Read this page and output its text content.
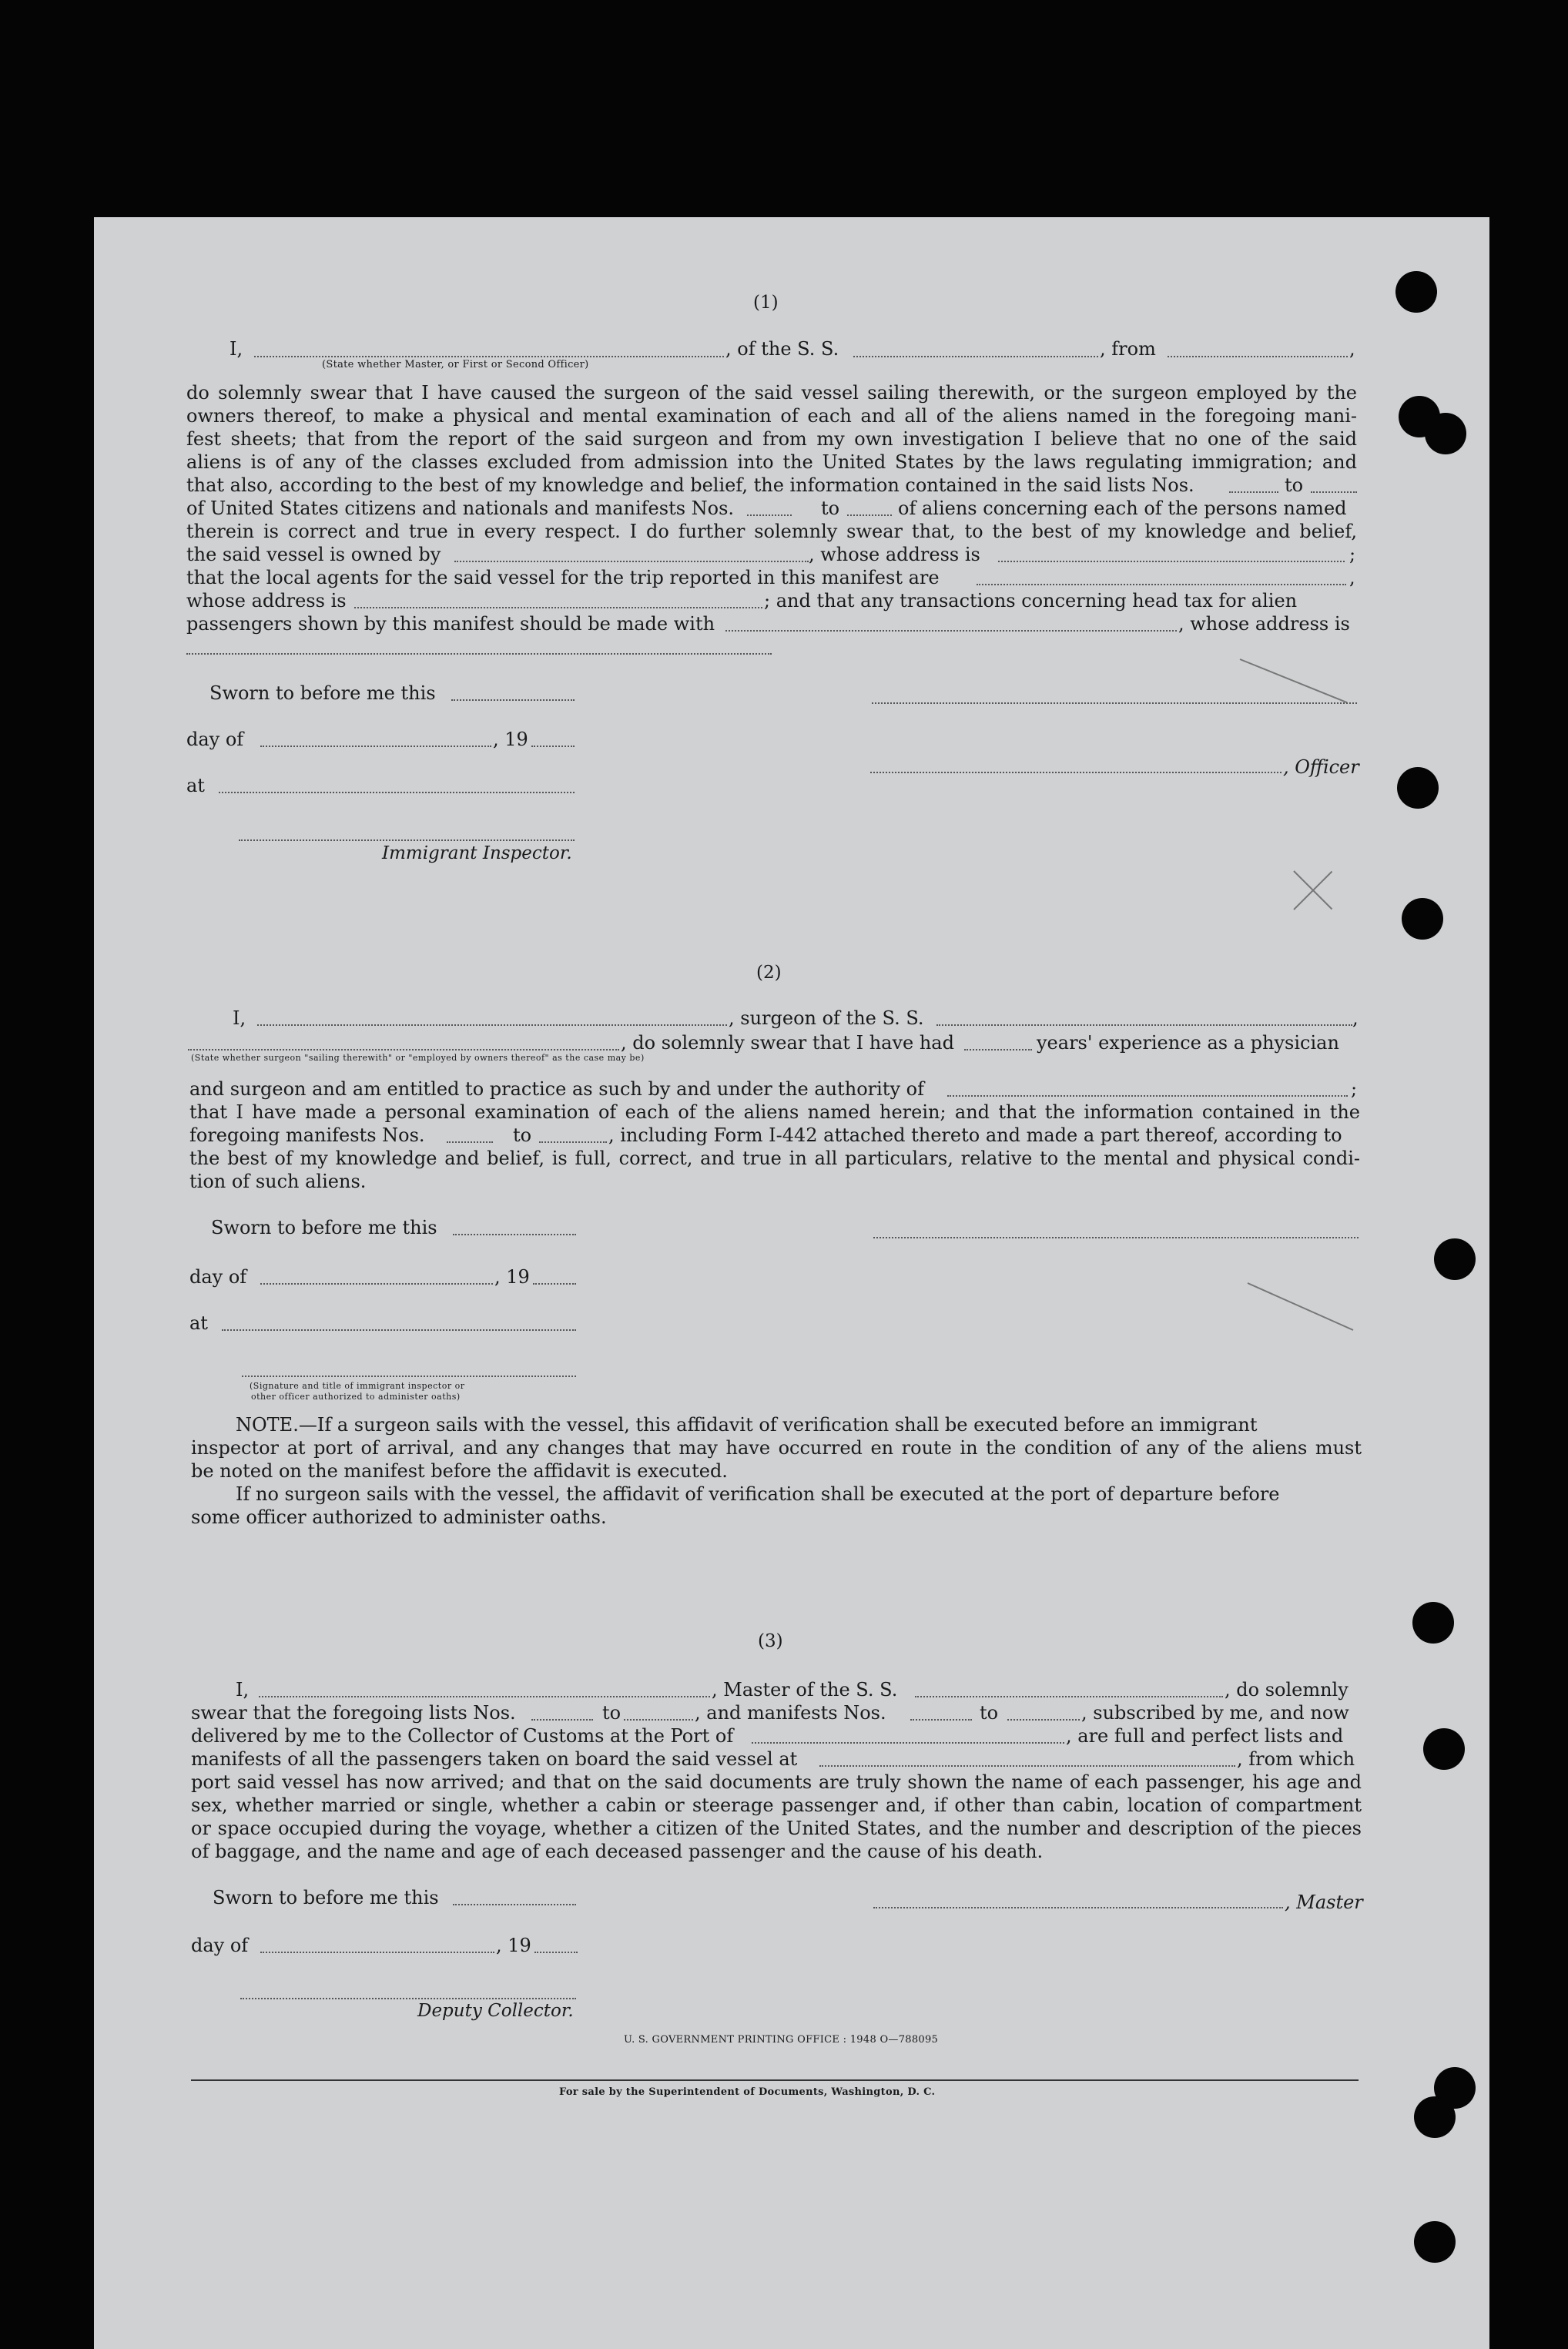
(1)
I,	, of the S. S.	, from	,
(State whether Master, or First or Second Officer)
do solemnly swear that I have caused the surgeon of the said vessel sailing therewith, or the surgeon employed by the
owners thereof, to make a physical and mental examination of each and all of the aliens named in the foregoing mani-
fest sheets; that from the report of the said surgeon and from my own investigation I believe that no one of the said
aliens is of any of the classes excluded from admission into the United States by the laws regulating immigration; and
that also, according to the best of my knowledge and belief, the information contained in the said lists Nos.	to
of United States citizens and nationals and manifests Nos.	to	of aliens concerning each of the persons named
therein is correct and true in every respect. I do further solemnly swear that, to the best of my knowledge and belief,
the said vessel is owned by	, whose address is	;
that the local agents for the said vessel for the trip reported in this manifest are	,
whose address is	; and that any transactions concerning head tax for alien
passengers shown by this manifest should be made with	, whose address is
Sworn to before me this
day of	, 19
, Officer
at
Immigrant Inspector.
(2)
I,	, surgeon of the S. S.	,
, do solemnly swear that I have had	years' experience as a physician
(State whether surgeon "sailing therewith" or "employed by owners thereof" as the case may be)
and surgeon and am entitled to practice as such by and under the authority of	;
that I have made a personal examination of each of the aliens named herein; and that the information contained in the
foregoing manifests Nos.	to	, including Form I-442 attached thereto and made a part thereof, according to
the best of my knowledge and belief, is full, correct, and true in all particulars, relative to the mental and physical condi-
tion of such aliens.
Sworn to before me this
day of	, 19
at
(Signature and title of immigrant inspector or
other officer authorized to administer oaths)
NOTE.—If a surgeon sails with the vessel, this affidavit of verification shall be executed before an immigrant
inspector at port of arrival, and any changes that may have occurred en route in the condition of any of the aliens must
be noted on the manifest before the affidavit is executed.
If no surgeon sails with the vessel, the affidavit of verification shall be executed at the port of departure before
some officer authorized to administer oaths.
(3)
I,	, Master of the S. S.	, do solemnly
swear that the foregoing lists Nos.	to	, and manifests Nos.	to	, subscribed by me, and now
delivered by me to the Collector of Customs at the Port of	, are full and perfect lists and
manifests of all the passengers taken on board the said vessel at	, from which
port said vessel has now arrived; and that on the said documents are truly shown the name of each passenger, his age and
sex, whether married or single, whether a cabin or steerage passenger and, if other than cabin, location of compartment
or space occupied during the voyage, whether a citizen of the United States, and the number and description of the pieces
of baggage, and the name and age of each deceased passenger and the cause of his death.
Sworn to before me this	, Master
day of	, 19
Deputy Collector.
U. S. GOVERNMENT PRINTING OFFICE : 1948 O—788095
For sale by the Superintendent of Documents, Washington, D. C.
